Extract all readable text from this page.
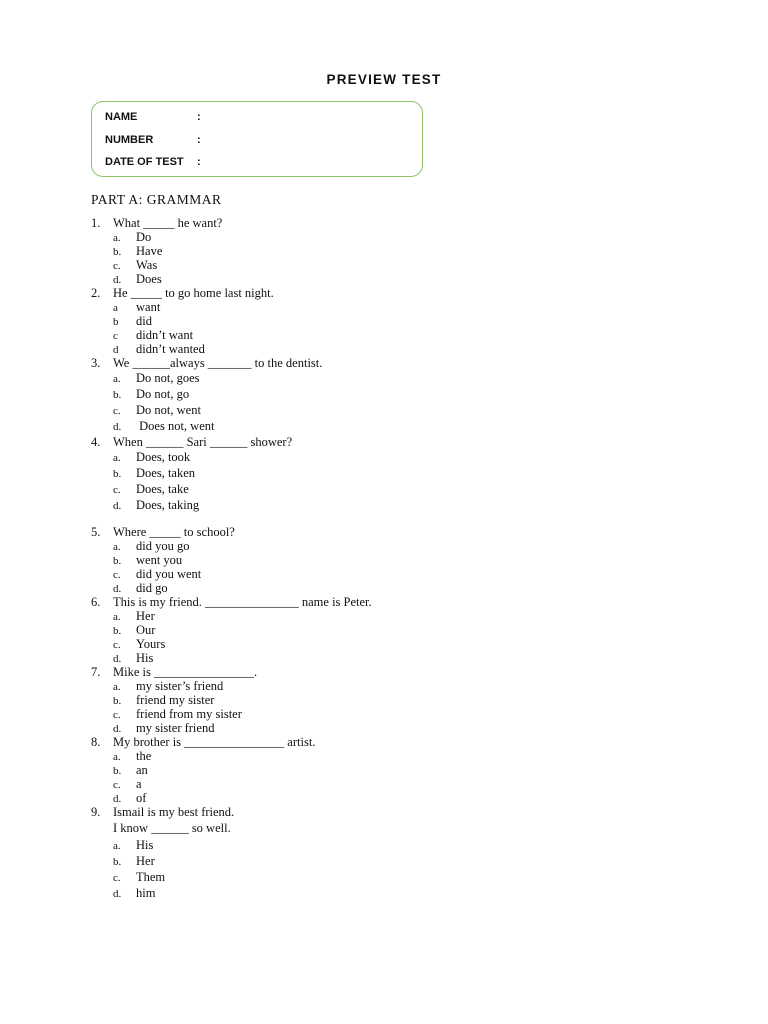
PREVIEW TEST
NAME	:
NUMBER	:
DATE OF TEST :
PART A: GRAMMAR
1. What _____ he want?
a. Do
b. Have
c. Was
d. Does
2. He _____ to go home last night.
a want
b did
c didn’t want
d didn’t wanted
3. We ______always _______ to the dentist.
a. Do not, goes
b. Do not, go
c. Do not, went
d. Does not, went
4. When ______ Sari ______ shower?
a. Does, took
b. Does, taken
c. Does, take
d. Does, taking
5. Where _____ to school?
a. did you go
b. went you
c. did you went
d. did go
6. This is my friend. _______________ name is Peter.
a. Her
b. Our
c. Yours
d. His
7. Mike is ________________.
a. my sister’s friend
b. friend my sister
c. friend from my sister
d. my sister friend
8. My brother is ________________ artist.
a. the
b. an
c. a
d. of
9. Ismail is my best friend.
I know ______ so well.
a. His
b. Her
c. Them
d. him
